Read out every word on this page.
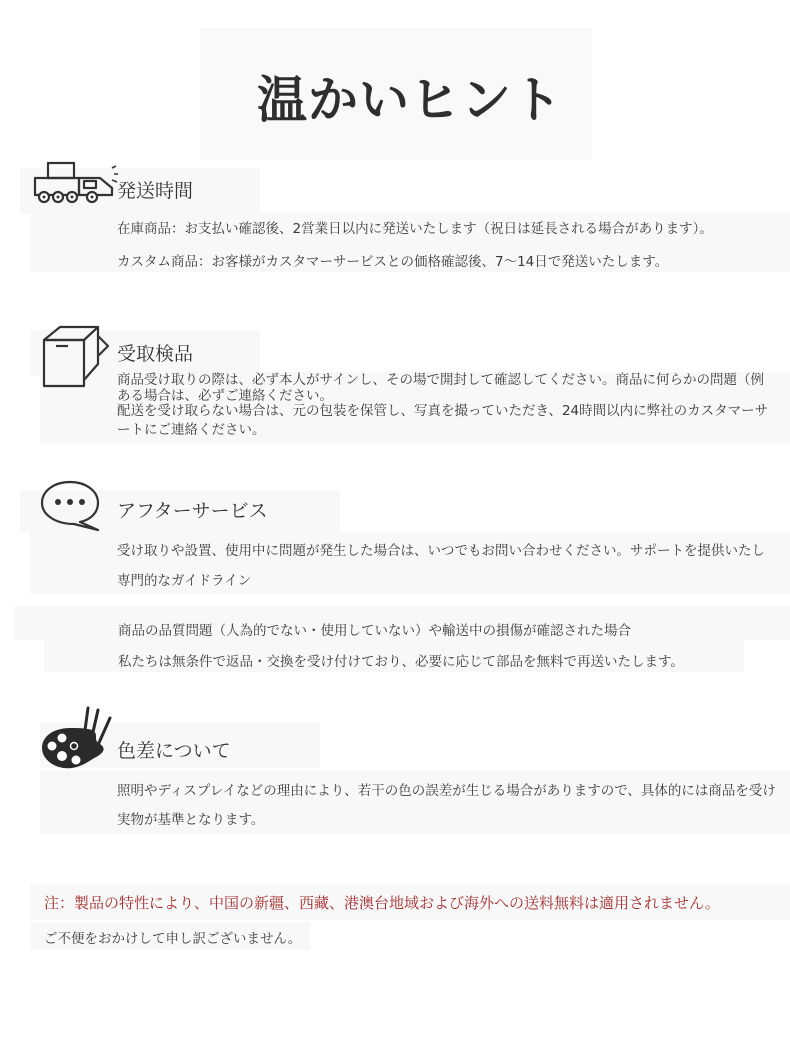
温かいヒント
発送時間
在庫商品：お支払い確認後、2営業日以内に発送いたします（祝日は延長される場合があります）。
カスタム商品：お客様がカスタマーサービスとの価格確認後、7〜14日で発送いたします。
受取検品
商品受け取りの際は、必ず本人がサインし、その場で開封して確認してください。商品に何らかの問題（例
ある場合は、必ずご連絡ください。
配送を受け取らない場合は、元の包装を保管し、写真を撮っていただき、24時間以内に弊社のカスタマーサ
ートにご連絡ください。
アフターサービス
受け取りや設置、使用中に問題が発生した場合は、いつでもお問い合わせください。サポートを提供いたし
専門的なガイドライン
商品の品質問題（人為的でない・使用していない）や輸送中の損傷が確認された場合
私たちは無条件で返品・交換を受け付けており、必要に応じて部品を無料で再送いたします。
色差について
照明やディスプレイなどの理由により、若干の色の誤差が生じる場合がありますので、具体的には商品を受け
実物が基準となります。
注：製品の特性により、中国の新疆、西藏、港澳台地域および海外への送料無料は適用されません。
ご不便をおかけして申し訳ございません。
